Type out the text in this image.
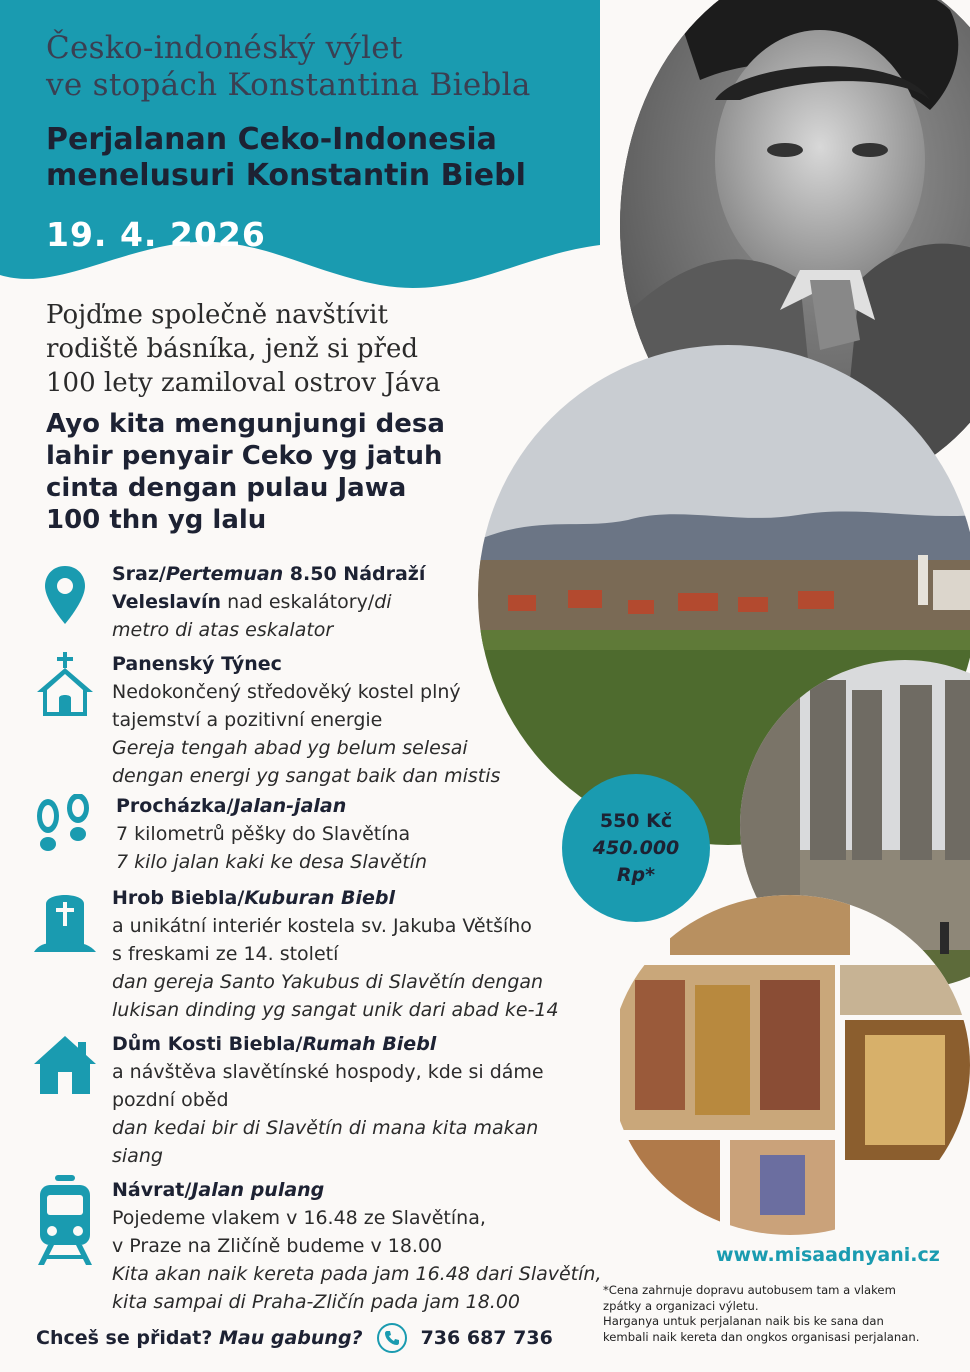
Česko-indonéský výlet
ve stopách Konstantina Biebla
Perjalanan Ceko-Indonesia
menelusuri Konstantin Biebl
19. 4. 2026
Pojďme společně navštívit
rodiště básníka, jenž si před
100 lety zamiloval ostrov Jáva
Ayo kita mengunjungi desa
lahir penyair Ceko yg jatuh
cinta dengan pulau Jawa
100 thn yg lalu
Sraz/Pertemuan 8.50 Nádraží
Veleslavín nad eskalátory/di
metro di atas eskalator
Panenský Týnec
Nedokončený středověký kostel plný
tajemství a pozitivní energie
Gereja tengah abad yg belum selesai
dengan energi yg sangat baik dan mistis
Procházka/Jalan-jalan
7 kilometrů pěšky do Slavětína
7 kilo jalan kaki ke desa Slavětín
Hrob Biebla/Kuburan Biebl
a unikátní interiér kostela sv. Jakuba Většího
s freskami ze 14. století
dan gereja Santo Yakubus di Slavětín dengan
lukisan dinding yg sangat unik dari abad ke-14
Dům Kosti Biebla/Rumah Biebl
a návštěva slavětínské hospody, kde si dáme
pozdní oběd
dan kedai bir di Slavětín di mana kita makan
siang
Návrat/Jalan pulang
Pojedeme vlakem v 16.48 ze Slavětína,
v Praze na Zličíně budeme v 18.00
Kita akan naik kereta pada jam 16.48 dari Slavětín,
kita sampai di Praha-Zličín pada jam 18.00
550 Kč
450.000
Rp*
www.misaadnyani.cz
*Cena zahrnuje dopravu autobusem tam a vlakem
zpátky a organizaci výletu.
Harganya untuk perjalanan naik bis ke sana dan
kembali naik kereta dan ongkos organisasi perjalanan.
Chceš se přidat?
Mau gabung?	736 687 736
